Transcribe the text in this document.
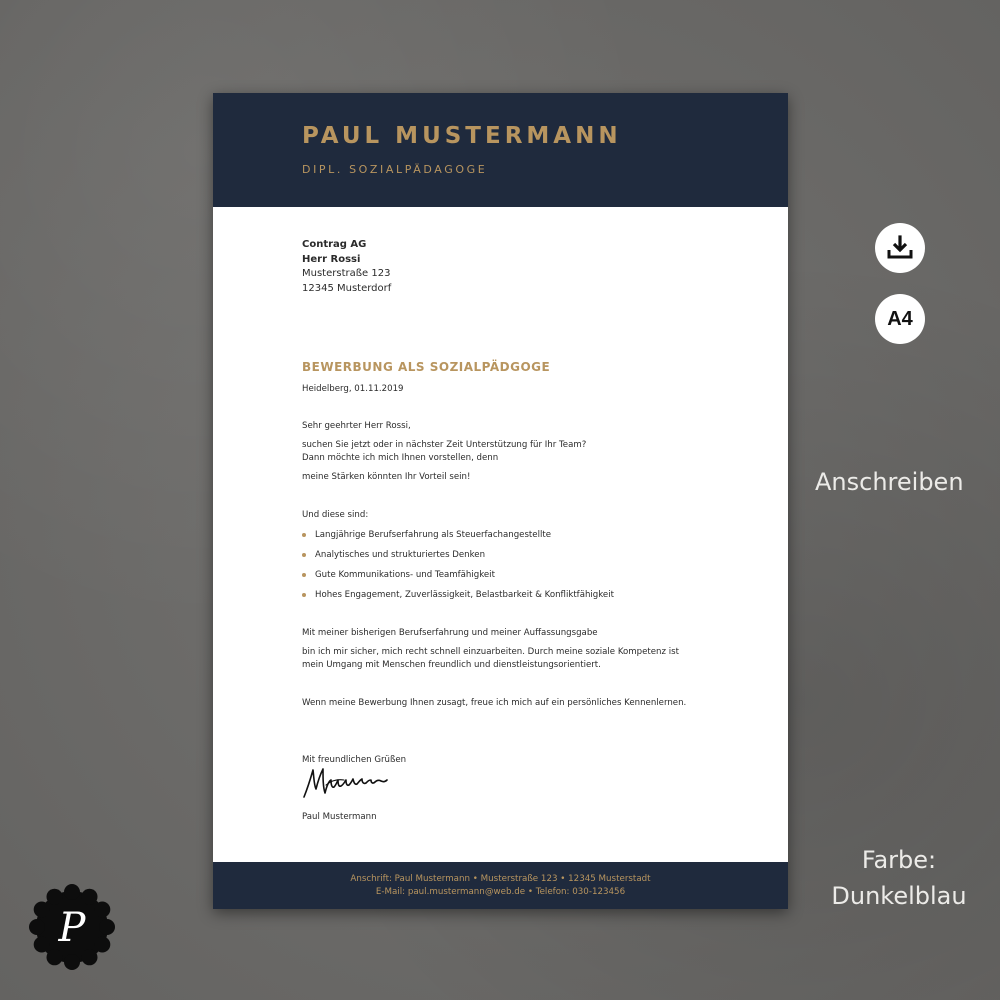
PAUL MUSTERMANN
DIPL. SOZIALPÄDAGOGE
Contrag AG
Herr Rossi
Musterstraße 123
12345 Musterdorf
BEWERBUNG ALS SOZIALPÄDGOGE
Heidelberg, 01.11.2019
Sehr geehrter Herr Rossi,
suchen Sie jetzt oder in nächster Zeit Unterstützung für Ihr Team?
Dann möchte ich mich Ihnen vorstellen, denn
meine Stärken könnten Ihr Vorteil sein!
Und diese sind:
Langjährige Berufserfahrung als Steuerfachangestellte
Analytisches und strukturiertes Denken
Gute Kommunikations- und Teamfähigkeit
Hohes Engagement, Zuverlässigkeit, Belastbarkeit & Konfliktfähigkeit
Mit meiner bisherigen Berufserfahrung und meiner Auffassungsgabe
bin ich mir sicher, mich recht schnell einzuarbeiten. Durch meine soziale Kompetenz ist
mein Umgang mit Menschen freundlich und dienstleistungsorientiert.
Wenn meine Bewerbung Ihnen zusagt, freue ich mich auf ein persönliches Kennenlernen.
Mit freundlichen Grüßen
Paul Mustermann
Anschrift: Paul Mustermann • Musterstraße 123 • 12345 Musterstadt
E-Mail: paul.mustermann@web.de • Telefon: 030-123456
A4
Anschreiben
Farbe:
Dunkelblau
P
